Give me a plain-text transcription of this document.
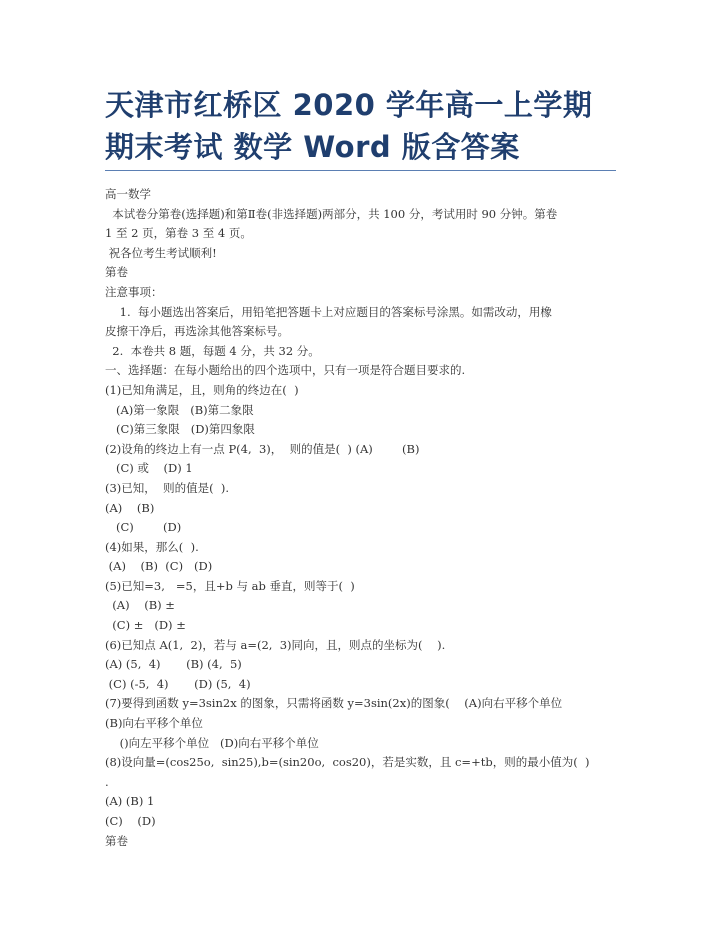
天津市红桥区 2020 学年高一上学期
期末考试 数学 Word 版含答案
高一数学
本试卷分第卷(选择题)和第Ⅱ卷(非选择题)两部分，共 100 分，考试用时 90 分钟。第卷
1 至 2 页，第卷 3 至 4 页。
祝各位考生考试顺利!
第卷
注意事项：
1.  每小题选出答案后，用铅笔把答题卡上对应题目的答案标号涂黑。如需改动，用橡
皮擦干净后，再选涂其他答案标号。
2.  本卷共 8 题，每题 4 分，共 32 分。
一、选择题：在每小题给出的四个选项中，只有一项是符合题目要求的.
(1)已知角满足，且，则角的终边在(  )
(A)第一象限   (B)第二象限
(C)第三象限   (D)第四象限
(2)设角的终边上有一点 P(4,  3)，  则的值是(  ) (A)        (B)
(C) 或    (D) 1
(3)已知，  则的值是(  ).
(A)    (B)
(C)        (D)
(4)如果，那么(  ).
(A)    (B)  (C)   (D)
(5)已知=3,   =5，且+b 与 ab 垂直，则等于(  )
(A)    (B) ±
(C) ±   (D) ±
(6)已知点 A(1,  2)，若与 a=(2,  3)同向，且，则点的坐标为(    ).
(A) (5,  4)       (B) (4,  5)
(C) (-5,  4)       (D) (5,  4)
(7)要得到函数 y=3sin2x 的图象，只需将函数 y=3sin(2x)的图象(    (A)向右平移个单位
(B)向右平移个单位
()向左平移个单位   (D)向右平移个单位
(8)设向量=(cos25o,  sin25),b=(sin20o,  cos20)，若是实数，且 c=+tb，则的最小值为(  )
.
(A) (B) 1
(C)    (D)
第卷
